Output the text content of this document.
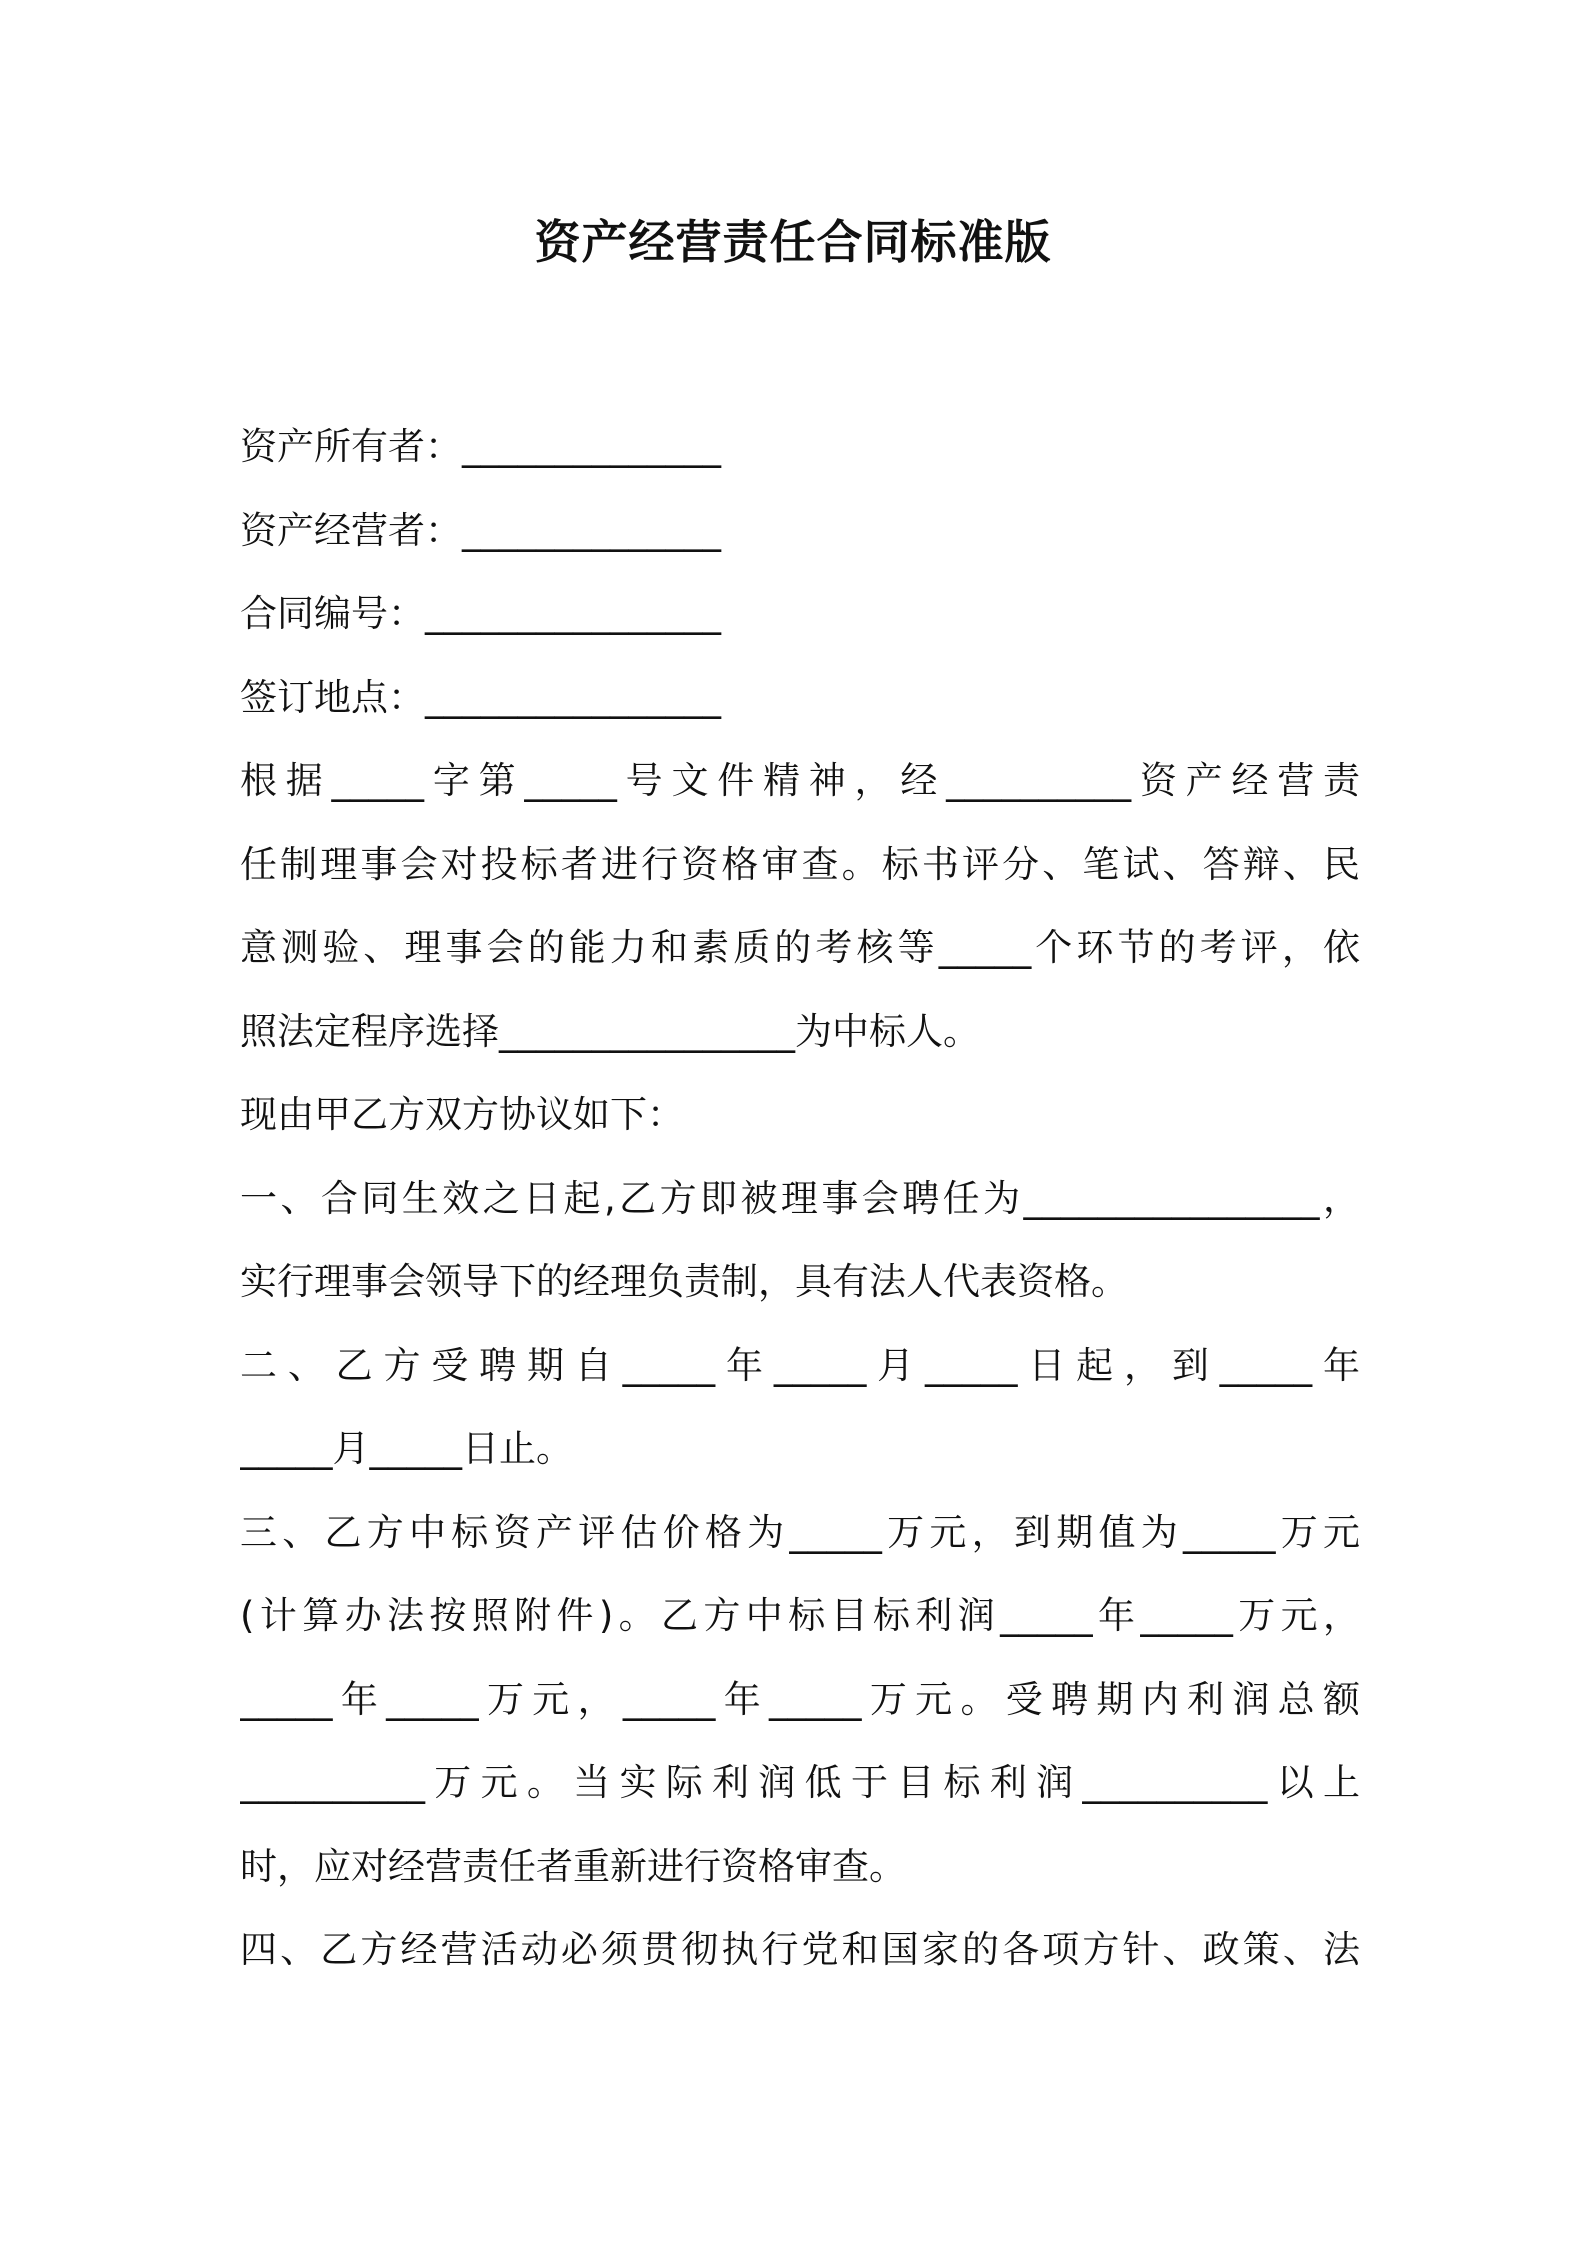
资产经营责任合同标准版
资产所有者：______________
资产经营者：______________
合同编号：________________
签订地点：________________
根据_____字第_____号文件精神，经__________资产经营责
任制理事会对投标者进行资格审查。标书评分、笔试、答辩、民
意测验、理事会的能力和素质的考核等_____个环节的考评，依
照法定程序选择________________为中标人。
现由甲乙方双方协议如下：
一、合同生效之日起,乙方即被理事会聘任为________________，
实行理事会领导下的经理负责制，具有法人代表资格。
二、乙方受聘期自_____年_____月_____日起，到_____年
_____月_____日止。
三、乙方中标资产评估价格为_____万元，到期值为_____万元
(计算办法按照附件)。乙方中标目标利润_____年_____万元，
_____年_____万元，_____年_____万元。受聘期内利润总额
__________万元。当实际利润低于目标利润__________以上
时，应对经营责任者重新进行资格审查。
四、乙方经营活动必须贯彻执行党和国家的各项方针、政策、法
